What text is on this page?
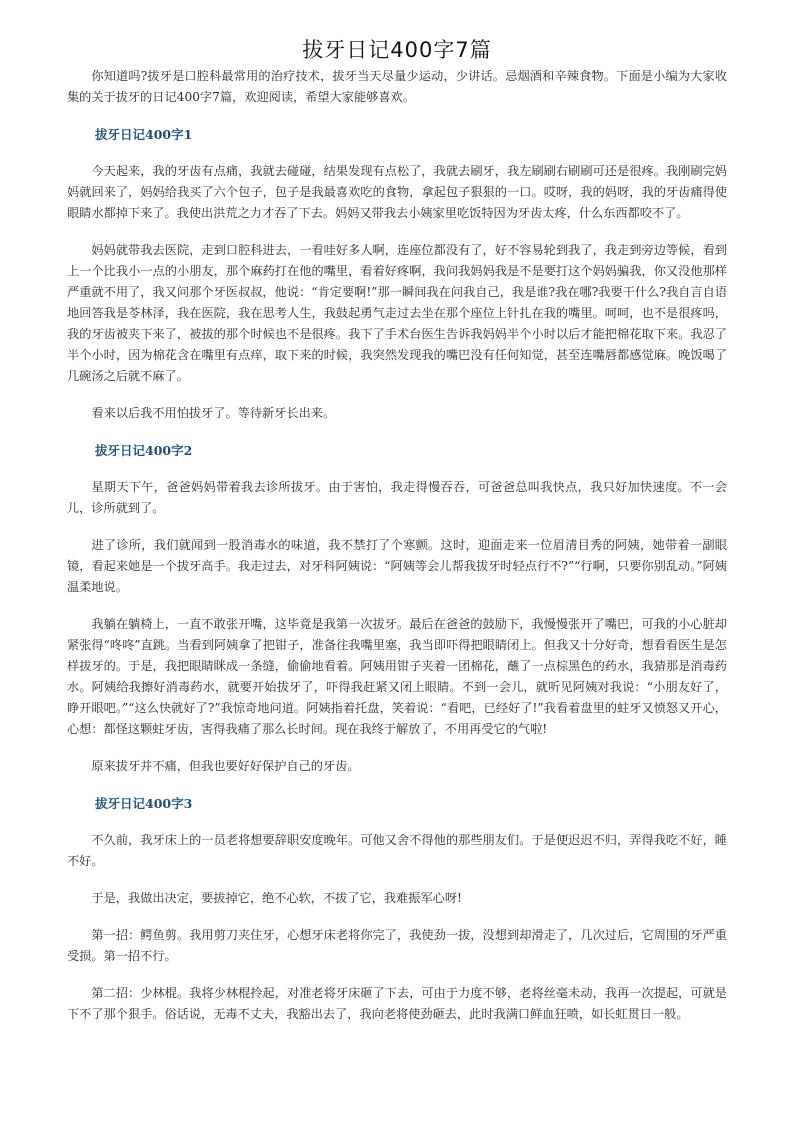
拔牙日记400字7篇

你知道吗?拔牙是口腔科最常用的治疗技术，拔牙当天尽量少运动，少讲话。忌烟酒和辛辣食物。下面是小编为大家收集的关于拔牙的日记400字7篇，欢迎阅读，希望大家能够喜欢。

拔牙日记400字1

今天起来，我的牙齿有点痛，我就去碰碰，结果发现有点松了，我就去刷牙，我左刷刷右刷刷可还是很疼。我刚刷完妈妈就回来了，妈妈给我买了六个包子，包子是我最喜欢吃的食物，拿起包子狠狠的一口。哎呀，我的妈呀，我的牙齿痛得使眼睛水都掉下来了。我使出洪荒之力才吞了下去。妈妈又带我去小姨家里吃饭特因为牙齿太疼，什么东西都咬不了。

妈妈就带我去医院，走到口腔科进去，一看哇好多人啊，连座位都没有了，好不容易轮到我了，我走到旁边等候，看到上一个比我小一点的小朋友，那个麻药打在他的嘴里，看着好疼啊，我问我妈妈我是不是要打这个妈妈骗我，你又没他那样严重就不用了，我又问那个牙医叔叔，他说：“肯定要啊!”那一瞬间我在问我自己，我是谁?我在哪?我要干什么?我自言自语地回答我是苓林泽，我在医院，我在思考人生，我鼓起勇气走过去坐在那个座位上针扎在我的嘴里。呵呵，也不是很疼吗，我的牙齿被夹下来了，被拔的那个时候也不是很疼。我下了手术台医生告诉我妈妈半个小时以后才能把棉花取下来。我忍了半个小时，因为棉花含在嘴里有点痒，取下来的时候，我突然发现我的嘴巴没有任何知觉，甚至连嘴唇都感觉麻。晚饭喝了几碗汤之后就不麻了。

看来以后我不用怕拔牙了。等待新牙长出来。

拔牙日记400字2

星期天下午，爸爸妈妈带着我去诊所拔牙。由于害怕，我走得慢吞吞，可爸爸总叫我快点，我只好加快速度。不一会儿，诊所就到了。

进了诊所，我们就闻到一股消毒水的味道，我不禁打了个寒颤。这时，迎面走来一位眉清目秀的阿姨，她带着一副眼镜，看起来她是一个拔牙高手。我走过去，对牙科阿姨说：“阿姨等会儿帮我拔牙时轻点行不?”“行啊，只要你别乱动。”阿姨温柔地说。

我躺在躺椅上，一直不敢张开嘴，这毕竟是我第一次拔牙。最后在爸爸的鼓励下，我慢慢张开了嘴巴，可我的小心脏却紧张得“咚咚”直跳。当看到阿姨拿了把钳子，准备往我嘴里塞，我当即吓得把眼睛闭上。但我又十分好奇，想看看医生是怎样拔牙的。于是，我把眼睛眯成一条缝，偷偷地看着。阿姨用钳子夹着一团棉花，蘸了一点棕黑色的药水，我猜那是消毒药水。阿姨给我擦好消毒药水，就要开始拔牙了，吓得我赶紧又闭上眼睛。不到一会儿，就听见阿姨对我说：“小朋友好了，睁开眼吧。”“这么快就好了?”我惊奇地问道。阿姨指着托盘，笑着说：“看吧，已经好了!”我看着盘里的蛀牙又愤怒又开心，心想：都怪这颗蛀牙齿，害得我痛了那么长时间。现在我终于解放了，不用再受它的气啦!

原来拔牙并不痛，但我也要好好保护自己的牙齿。

拔牙日记400字3

不久前，我牙床上的一员老将想要辞职安度晚年。可他又舍不得他的那些朋友们。于是便迟迟不归，弄得我吃不好，睡不好。

于是，我做出决定，要拔掉它，绝不心软，不拔了它，我难振军心呀!

第一招：鳄鱼剪。我用剪刀夹住牙，心想牙床老将你完了，我使劲一拔，没想到却滑走了，几次过后，它周围的牙严重受损。第一招不行。

第二招：少林棍。我将少林棍拎起，对准老将牙床砸了下去，可由于力度不够，老将丝毫未动，我再一次提起，可就是下不了那个狠手。俗话说，无毒不丈夫，我豁出去了，我向老将使劲砸去，此时我满口鲜血狂喷，如长虹贯日一般。
